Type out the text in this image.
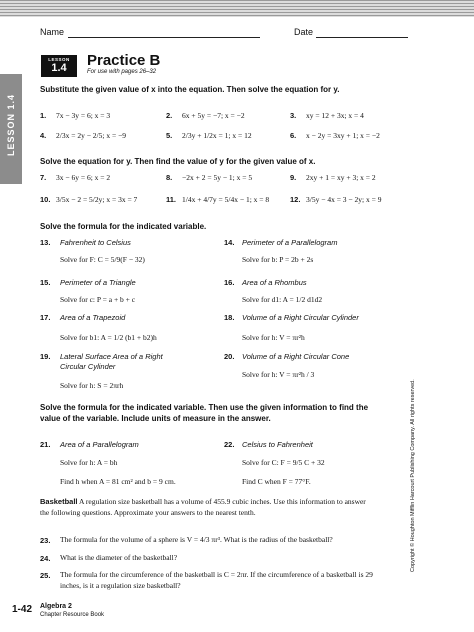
LESSON 1.4
Name	Date
LESSON
1.4	Practice B
For use with pages 26–32
Substitute the given value of x into the equation. Then solve the equation for y.
1. 7x − 3y = 6; x = 3	2. 6x + 5y = −7; x = −2	3. xy = 12 + 3x; x = 4
4. 2/3x = 2y − 2/5; x = −9	5. 2/3y + 1/2x = 1; x = 12	6. x − 2y = 3xy + 1; x = −2
Solve the equation for y. Then find the value of y for the given value of x.
7. 3x − 6y = 6; x = 2	8. −2x + 2 = 5y − 1; x = 5	9. 2xy + 1 = xy + 3; x = 2
10. 3/5x − 2 = 5/2y; x = 3x = 7	11. 1/4x + 4/7y = 5/4x − 1; x = 8	12. 3/5y − 4x = 3 − 2y; x = 9
Solve the formula for the indicated variable.
13. Fahrenheit to Celsius
Solve for F: C = 5/9(F − 32)
14. Perimeter of a Parallelogram
Solve for b: P = 2b + 2s
15. Perimeter of a Triangle
Solve for c: P = a + b + c
16. Area of a Rhombus
Solve for d1: A = 1/2 d1d2
17. Area of a Trapezoid
Solve for b1: A = 1/2 (b1 + b2)h
18. Volume of a Right Circular Cylinder
Solve for h: V = πr²h
19. Lateral Surface Area of a Right Circular Cylinder
Solve for h: S = 2πrh
20. Volume of a Right Circular Cone
Solve for h: V = πr²h / 3
Solve the formula for the indicated variable. Then use the given information to find the value of the variable. Include units of measure in the answer.
21. Area of a Parallelogram
Solve for h: A = bh
Find h when A = 81 cm² and b = 9 cm.
22. Celsius to Fahrenheit
Solve for C: F = 9/5 C + 32
Find C when F = 77°F.
Basketball A regulation size basketball has a volume of 455.9 cubic inches. Use this information to answer the following questions. Approximate your answers to the nearest tenth.
23. The formula for the volume of a sphere is V = 4/3 πr³. What is the radius of the basketball?
24. What is the diameter of the basketball?
25. The formula for the circumference of the basketball is C = 2πr. If the circumference of a basketball is 29 inches, is it a regulation size basketball?
1-42 Algebra 2
Chapter Resource Book
Copyright © Houghton Mifflin Harcourt Publishing Company. All rights reserved.
